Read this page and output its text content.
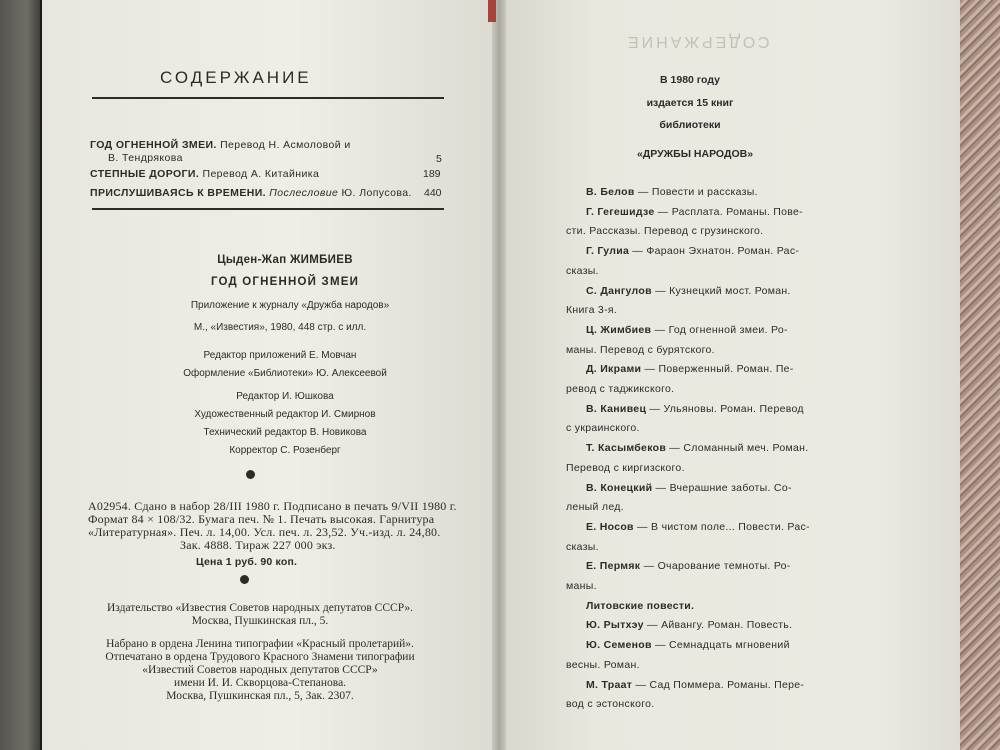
СОДЕРЖАНИЕ
ГОД ОГНЕННОЙ ЗМЕИ. Перевод Н. Асмоловой и
В. Тендрякова	5
СТЕПНЫЕ ДОРОГИ. Перевод А. Китайника	189
ПРИСЛУШИВАЯСЬ К ВРЕМЕНИ. Послесловие Ю. Лопусова. 440
Цыден-Жап ЖИМБИЕВ
ГОД ОГНЕННОЙ ЗМЕИ
Приложение к журналу «Дружба народов»
М., «Известия», 1980, 448 стр. с илл.
Редактор приложений Е. Мовчан
Оформление «Библиотеки» Ю. Алексеевой
Редактор И. Юшкова
Художественный редактор И. Смирнов
Технический редактор В. Новикова
Корректор С. Розенберг
А02954. Сдано в набор 28/III 1980 г. Подписано в печать 9/VII 1980 г.
Формат 84 × 108/32. Бумага печ. № 1. Печать высокая. Гарнитура
«Литературная». Печ. л. 14,00. Усл. печ. л. 23,52. Уч.-изд. л. 24,80.
Зак. 4888. Тираж 227 000 экз.
Цена 1 руб. 90 коп.
Издательство «Известия Советов народных депутатов СССР».
Москва, Пушкинская пл., 5.
Набрано в ордена Ленина типографии «Красный пролетарий».
Отпечатано в ордена Трудового Красного Знамени типографии
«Известий Советов народных депутатов СССР»
имени И. И. Скворцова-Степанова.
Москва, Пушкинская пл., 5, Зак. 2307.
СОДЕРЖАНИЕ
В 1980 году
издается 15 книг
библиотеки
«ДРУЖБЫ НАРОДОВ»
В. Белов — Повести и рассказы.
Г. Гегешидзе — Расплата. Романы. Пове-
сти. Рассказы. Перевод с грузинского.
Г. Гулиа — Фараон Эхнатон. Роман. Рас-
сказы.
С. Дангулов — Кузнецкий мост. Роман.
Книга 3-я.
Ц. Жимбиев — Год огненной змеи. Ро-
маны. Перевод с бурятского.
Д. Икрами — Поверженный. Роман. Пе-
ревод с таджикского.
В. Канивец — Ульяновы. Роман. Перевод
с украинского.
Т. Касымбеков — Сломанный меч. Роман.
Перевод с киргизского.
В. Конецкий — Вчерашние заботы. Со-
леный лед.
Е. Носов — В чистом поле... Повести. Рас-
сказы.
Е. Пермяк — Очарование темноты. Ро-
маны.
Литовские повести.
Ю. Рытхэу — Айвангу. Роман. Повесть.
Ю. Семенов — Семнадцать мгновений
весны. Роман.
М. Траат — Сад Поммера. Романы. Пере-
вод с эстонского.
